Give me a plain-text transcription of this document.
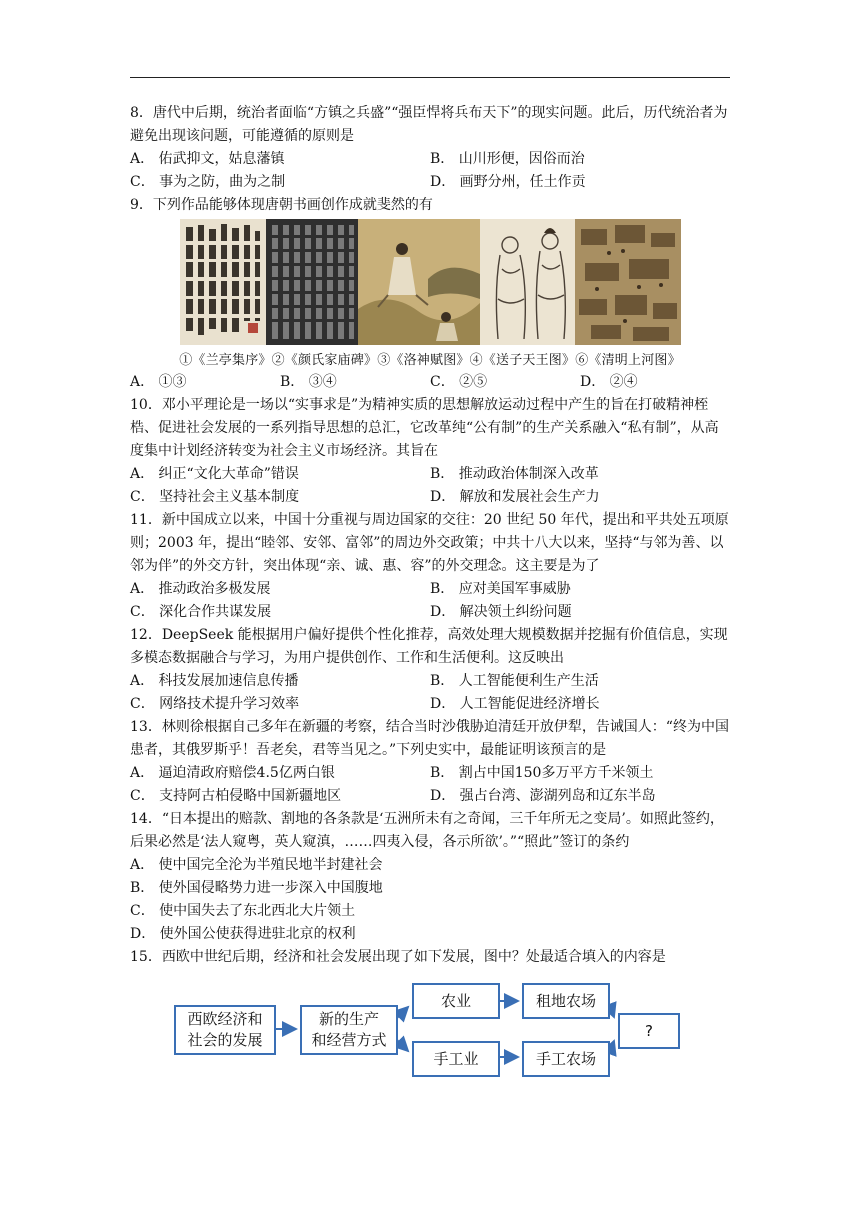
8．唐代中后期，统治者面临“方镇之兵盛”“强臣悍将兵布天下”的现实问题。此后，历代统治者为避免出现该问题，可能遵循的原则是

A． 佑武抑文，姑息藩镇	B． 山川形便，因俗而治
C． 事为之防，曲为之制	D． 画野分州，任土作贡

9．下列作品能够体现唐朝书画创作成就斐然的有

①《兰亭集序》②《颜氏家庙碑》③《洛神赋图》④《送子天王图》⑥《清明上河图》
A． ①③	B． ③④	C． ②⑤	D． ②④

10．邓小平理论是一场以“实事求是”为精神实质的思想解放运动过程中产生的旨在打破精神桎梏、促进社会发展的一系列指导思想的总汇，它改革纯“公有制”的生产关系融入“私有制”，从高度集中计划经济转变为社会主义市场经济。其旨在

A． 纠正“文化大革命”错误	B． 推动政治体制深入改革
C． 坚持社会主义基本制度	D． 解放和发展社会生产力

11．新中国成立以来，中国十分重视与周边国家的交往：20 世纪 50 年代，提出和平共处五项原则；2003 年，提出“睦邻、安邻、富邻”的周边外交政策；中共十八大以来，坚持“与邻为善、以邻为伴”的外交方针，突出体现“亲、诚、惠、容”的外交理念。这主要是为了

A． 推动政治多极发展	B． 应对美国军事威胁
C． 深化合作共谋发展	D． 解决领土纠纷问题

12．DeepSeek 能根据用户偏好提供个性化推荐，高效处理大规模数据并挖掘有价值信息，实现多模态数据融合与学习，为用户提供创作、工作和生活便利。这反映出

A． 科技发展加速信息传播	B． 人工智能便利生产生活
C． 网络技术提升学习效率	D． 人工智能促进经济增长

13．林则徐根据自己多年在新疆的考察，结合当时沙俄胁迫清廷开放伊犁，告诫国人：“终为中国患者，其俄罗斯乎！吾老矣，君等当见之。”下列史实中，最能证明该预言的是

A． 逼迫清政府赔偿4.5亿两白银	B． 割占中国150多万平方千米领土
C． 支持阿古柏侵略中国新疆地区	D． 强占台湾、澎湖列岛和辽东半岛

14．“日本提出的赔款、割地的各条款是‘五洲所未有之奇闻，三千年所无之变局’。如照此签约，后果必然是‘法人窥粤，英人窥滇，……四夷入侵，各示所欲’。”“照此”签订的条约

A． 使中国完全沦为半殖民地半封建社会
B． 使外国侵略势力进一步深入中国腹地
C． 使中国失去了东北西北大片领土
D． 使外国公使获得进驻北京的权利

15．西欧中世纪后期，经济和社会发展出现了如下发展，图中？处最适合填入的内容是

西欧经济和
社会的发展
新的生产
和经营方式
农业	租地农场
手工业	手工农场
?
